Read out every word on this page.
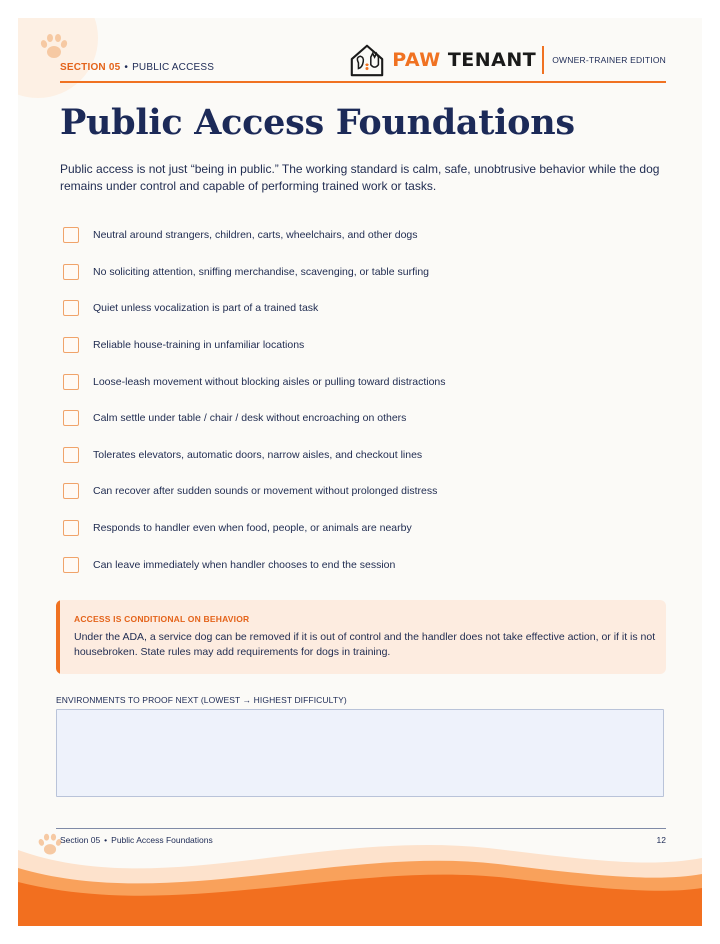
SECTION 05 • PUBLIC ACCESS	PAW TENANT OWNER-TRAINER EDITION
Public Access Foundations

Public access is not just “being in public.” The working standard is calm, safe, unobtrusive behavior while the dog remains under control and capable of performing trained work or tasks.

Neutral around strangers, children, carts, wheelchairs, and other dogs
No soliciting attention, sniffing merchandise, scavenging, or table surfing
Quiet unless vocalization is part of a trained task
Reliable house-training in unfamiliar locations
Loose-leash movement without blocking aisles or pulling toward distractions
Calm settle under table / chair / desk without encroaching on others
Tolerates elevators, automatic doors, narrow aisles, and checkout lines
Can recover after sudden sounds or movement without prolonged distress
Responds to handler even when food, people, or animals are nearby
Can leave immediately when handler chooses to end the session
ACCESS IS CONDITIONAL ON BEHAVIOR

Under the ADA, a service dog can be removed if it is out of control and the handler does not take effective action, or if it is not housebroken. State rules may add requirements for dogs in training.

ENVIRONMENTS TO PROOF NEXT (LOWEST → HIGHEST DIFFICULTY)
Section 05 • Public Access Foundations	12
